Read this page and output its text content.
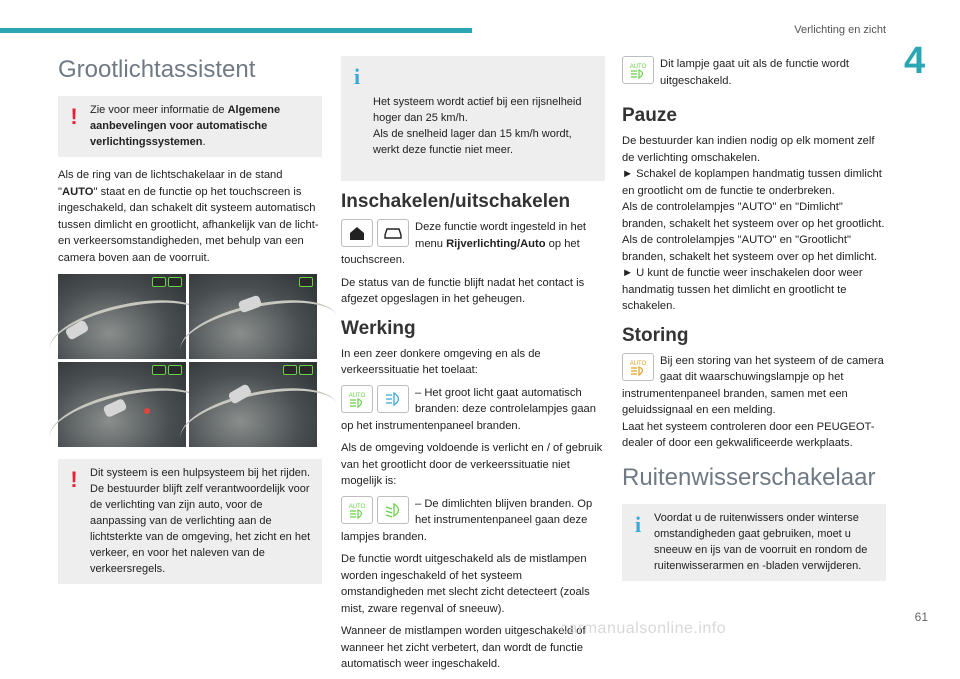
Verlichting en zicht
4
Grootlichtassistent
!	Zie voor meer informatie de Algemene aanbevelingen voor automatische verlichtingssystemen.

Als de ring van de lichtschakelaar in de stand "AUTO" staat en de functie op het touchscreen is ingeschakeld, dan schakelt dit systeem automatisch tussen dimlicht en grootlicht, afhankelijk van de licht- en verkeersomstandigheden, met behulp van een camera boven aan de voorruit.

!	Dit systeem is een hulpsysteem bij het rijden. De bestuurder blijft zelf verantwoordelijk voor de verlichting van zijn auto, voor de aanpassing van de verlichting aan de lichtsterkte van de omgeving, het zicht en het verkeer, en voor het naleven van de verkeersregels.

i

Het systeem wordt actief bij een rijsnelheid hoger dan 25 km/h.
Als de snelheid lager dan 15 km/h wordt, werkt deze functie niet meer.

Inschakelen/uitschakelen

Deze functie wordt ingesteld in het menu Rijverlichting/Auto op het touchscreen.

De status van de functie blijft nadat het contact is afgezet opgeslagen in het geheugen.

Werking

In een zeer donkere omgeving en als de verkeerssituatie het toelaat:

AUTO	– Het groot licht gaat automatisch branden: deze controlelampjes gaan op het instrumentenpaneel branden.

Als de omgeving voldoende is verlicht en / of gebruik van het grootlicht door de verkeerssituatie niet mogelijk is:

AUTO	– De dimlichten blijven branden. Op het instrumentenpaneel gaan deze lampjes branden.

De functie wordt uitgeschakeld als de mistlampen worden ingeschakeld of het systeem omstandigheden met slecht zicht detecteert (zoals mist, zware regenval of sneeuw).

Wanneer de mistlampen worden uitgeschakeld of wanneer het zicht verbetert, dan wordt de functie automatisch weer ingeschakeld.

AUTO	Dit lampje gaat uit als de functie wordt uitgeschakeld.

Pauze

De bestuurder kan indien nodig op elk moment zelf de verlichting omschakelen.

► Schakel de koplampen handmatig tussen dimlicht en grootlicht om de functie te onderbreken.

Als de controlelampjes "AUTO" en "Dimlicht" branden, schakelt het systeem over op het grootlicht.

Als de controlelampjes "AUTO" en "Grootlicht" branden, schakelt het systeem over op het dimlicht.

► U kunt de functie weer inschakelen door weer handmatig tussen het dimlicht en grootlicht te schakelen.

Storing
AUTO	Bij een storing van het systeem of de camera gaat dit waarschuwingslampje op het instrumentenpaneel branden, samen met een geluidssignaal en een melding.

Laat het systeem controleren door een PEUGEOT-dealer of door een gekwalificeerde werkplaats.

Ruitenwisserschakelaar
i	Voordat u de ruitenwissers onder winterse omstandigheden gaat gebruiken, moet u sneeuw en ijs van de voorruit en rondom de ruitenwisserarmen en -bladen verwijderen.
carmanualsonline.info
61
